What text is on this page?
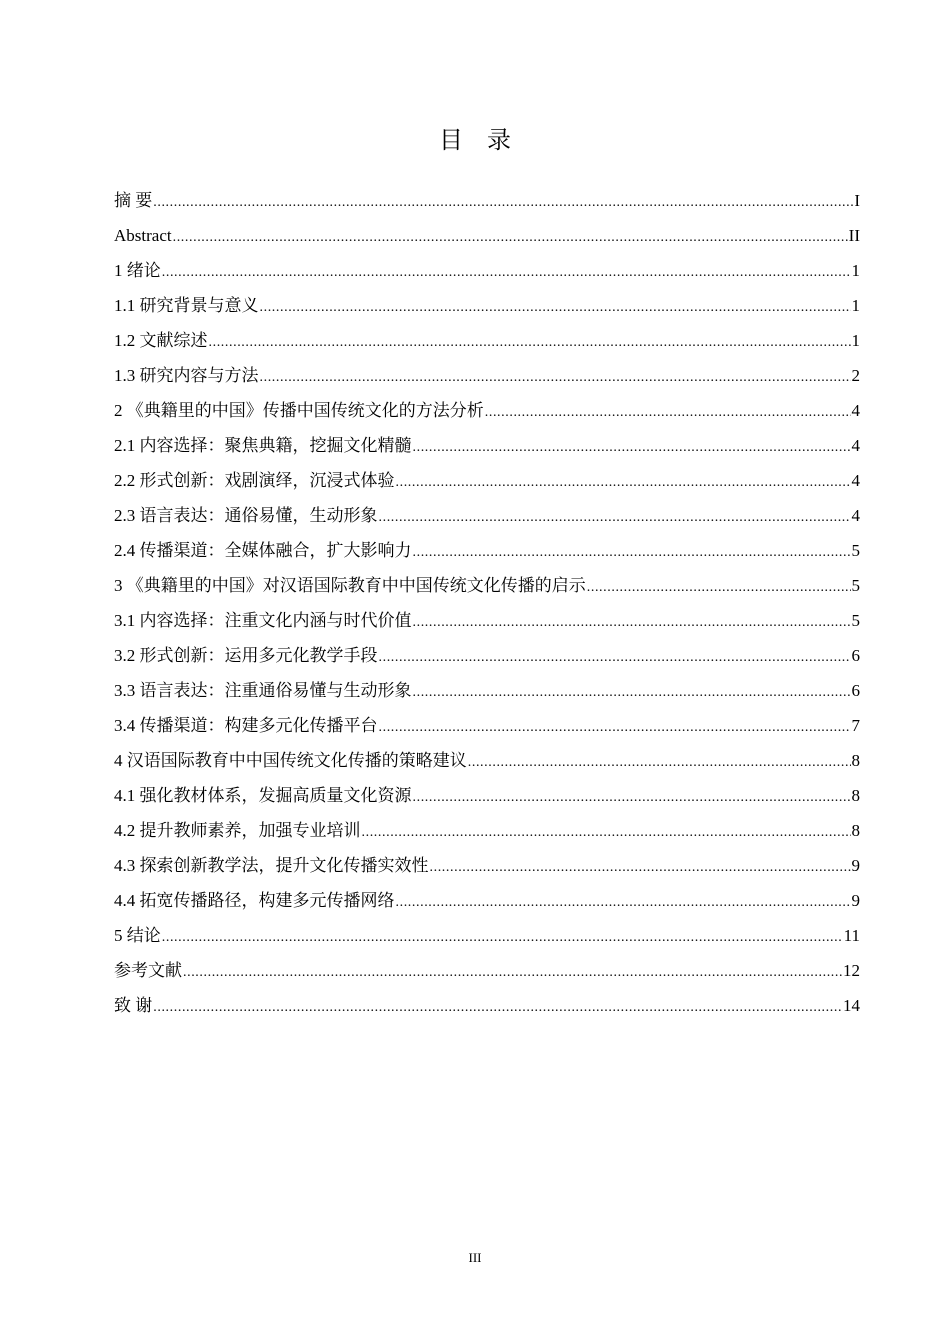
目 录
摘 要 .....	I
Abstract .....	II
1 绪论 .....	1
1.1 研究背景与意义 .....	1
1.2 文献综述 .....	1
1.3 研究内容与方法 .....	2
2 《典籍里的中国》传播中国传统文化的方法分析 .....	4
2.1 内容选择：聚焦典籍，挖掘文化精髓 .....	4
2.2 形式创新：戏剧演绎，沉浸式体验 .....	4
2.3 语言表达：通俗易懂，生动形象 .....	4
2.4 传播渠道：全媒体融合，扩大影响力 .....	5
3 《典籍里的中国》对汉语国际教育中中国传统文化传播的启示 .....	5
3.1 内容选择：注重文化内涵与时代价值 .....	5
3.2 形式创新：运用多元化教学手段 .....	6
3.3 语言表达：注重通俗易懂与生动形象 .....	6
3.4 传播渠道：构建多元化传播平台 .....	7
4 汉语国际教育中中国传统文化传播的策略建议 .....	8
4.1 强化教材体系，发掘高质量文化资源 .....	8
4.2 提升教师素养，加强专业培训 .....	8
4.3 探索创新教学法，提升文化传播实效性 .....	9
4.4 拓宽传播路径，构建多元传播网络 .....	9
5 结论 .....	11
参考文献 .....	12
致 谢 .....	14
III
